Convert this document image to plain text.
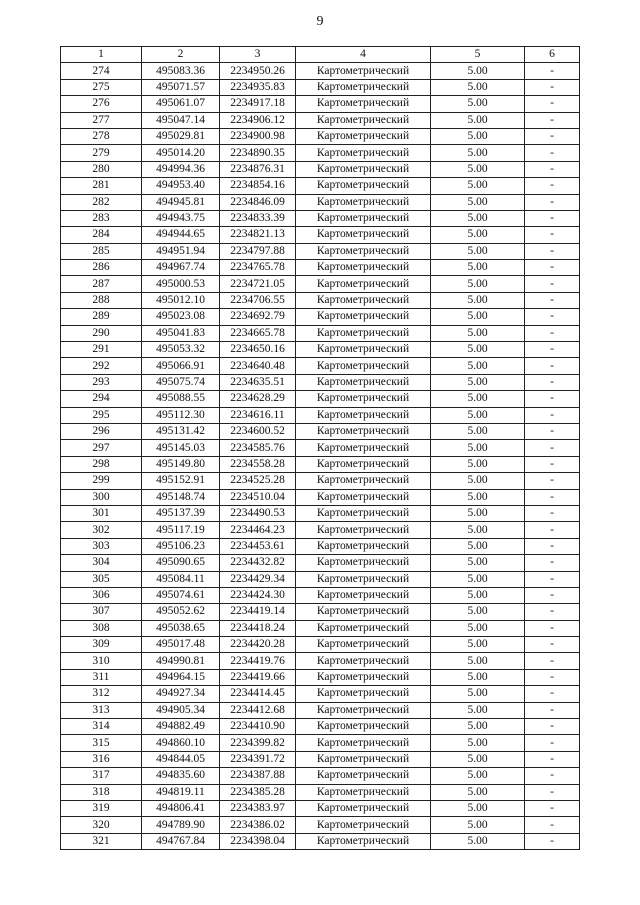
9
1	2	3	4	5	6
274	495083.36	2234950.26	Картометрический	5.00	-
275	495071.57	2234935.83	Картометрический	5.00	-
276	495061.07	2234917.18	Картометрический	5.00	-
277	495047.14	2234906.12	Картометрический	5.00	-
278	495029.81	2234900.98	Картометрический	5.00	-
279	495014.20	2234890.35	Картометрический	5.00	-
280	494994.36	2234876.31	Картометрический	5.00	-
281	494953.40	2234854.16	Картометрический	5.00	-
282	494945.81	2234846.09	Картометрический	5.00	-
283	494943.75	2234833.39	Картометрический	5.00	-
284	494944.65	2234821.13	Картометрический	5.00	-
285	494951.94	2234797.88	Картометрический	5.00	-
286	494967.74	2234765.78	Картометрический	5.00	-
287	495000.53	2234721.05	Картометрический	5.00	-
288	495012.10	2234706.55	Картометрический	5.00	-
289	495023.08	2234692.79	Картометрический	5.00	-
290	495041.83	2234665.78	Картометрический	5.00	-
291	495053.32	2234650.16	Картометрический	5.00	-
292	495066.91	2234640.48	Картометрический	5.00	-
293	495075.74	2234635.51	Картометрический	5.00	-
294	495088.55	2234628.29	Картометрический	5.00	-
295	495112.30	2234616.11	Картометрический	5.00	-
296	495131.42	2234600.52	Картометрический	5.00	-
297	495145.03	2234585.76	Картометрический	5.00	-
298	495149.80	2234558.28	Картометрический	5.00	-
299	495152.91	2234525.28	Картометрический	5.00	-
300	495148.74	2234510.04	Картометрический	5.00	-
301	495137.39	2234490.53	Картометрический	5.00	-
302	495117.19	2234464.23	Картометрический	5.00	-
303	495106.23	2234453.61	Картометрический	5.00	-
304	495090.65	2234432.82	Картометрический	5.00	-
305	495084.11	2234429.34	Картометрический	5.00	-
306	495074.61	2234424.30	Картометрический	5.00	-
307	495052.62	2234419.14	Картометрический	5.00	-
308	495038.65	2234418.24	Картометрический	5.00	-
309	495017.48	2234420.28	Картометрический	5.00	-
310	494990.81	2234419.76	Картометрический	5.00	-
311	494964.15	2234419.66	Картометрический	5.00	-
312	494927.34	2234414.45	Картометрический	5.00	-
313	494905.34	2234412.68	Картометрический	5.00	-
314	494882.49	2234410.90	Картометрический	5.00	-
315	494860.10	2234399.82	Картометрический	5.00	-
316	494844.05	2234391.72	Картометрический	5.00	-
317	494835.60	2234387.88	Картометрический	5.00	-
318	494819.11	2234385.28	Картометрический	5.00	-
319	494806.41	2234383.97	Картометрический	5.00	-
320	494789.90	2234386.02	Картометрический	5.00	-
321	494767.84	2234398.04	Картометрический	5.00	-
